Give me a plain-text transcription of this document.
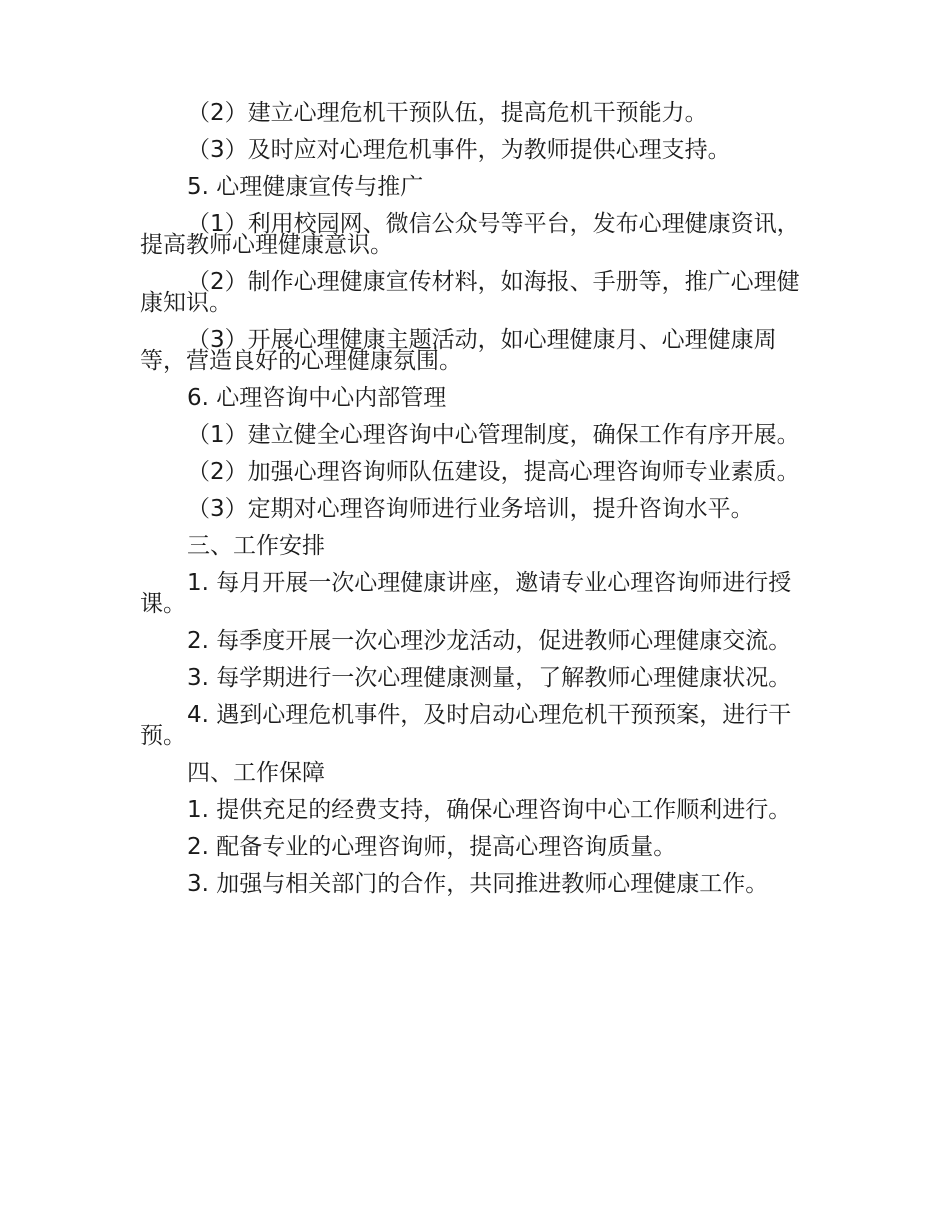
（2）建立心理危机干预队伍，提高危机干预能力。

（3）及时应对心理危机事件，为教师提供心理支持。

5. 心理健康宣传与推广

（1）利用校园网、微信公众号等平台，发布心理健康资讯，提高教师心理健康意识。

（2）制作心理健康宣传材料，如海报、手册等，推广心理健康知识。

（3）开展心理健康主题活动，如心理健康月、心理健康周等，营造良好的心理健康氛围。

6. 心理咨询中心内部管理

（1）建立健全心理咨询中心管理制度，确保工作有序开展。

（2）加强心理咨询师队伍建设，提高心理咨询师专业素质。

（3）定期对心理咨询师进行业务培训，提升咨询水平。

三、工作安排

1. 每月开展一次心理健康讲座，邀请专业心理咨询师进行授课。

2. 每季度开展一次心理沙龙活动，促进教师心理健康交流。

3. 每学期进行一次心理健康测量，了解教师心理健康状况。

4. 遇到心理危机事件，及时启动心理危机干预预案，进行干预。

四、工作保障

1. 提供充足的经费支持，确保心理咨询中心工作顺利进行。

2. 配备专业的心理咨询师，提高心理咨询质量。

3. 加强与相关部门的合作，共同推进教师心理健康工作。
